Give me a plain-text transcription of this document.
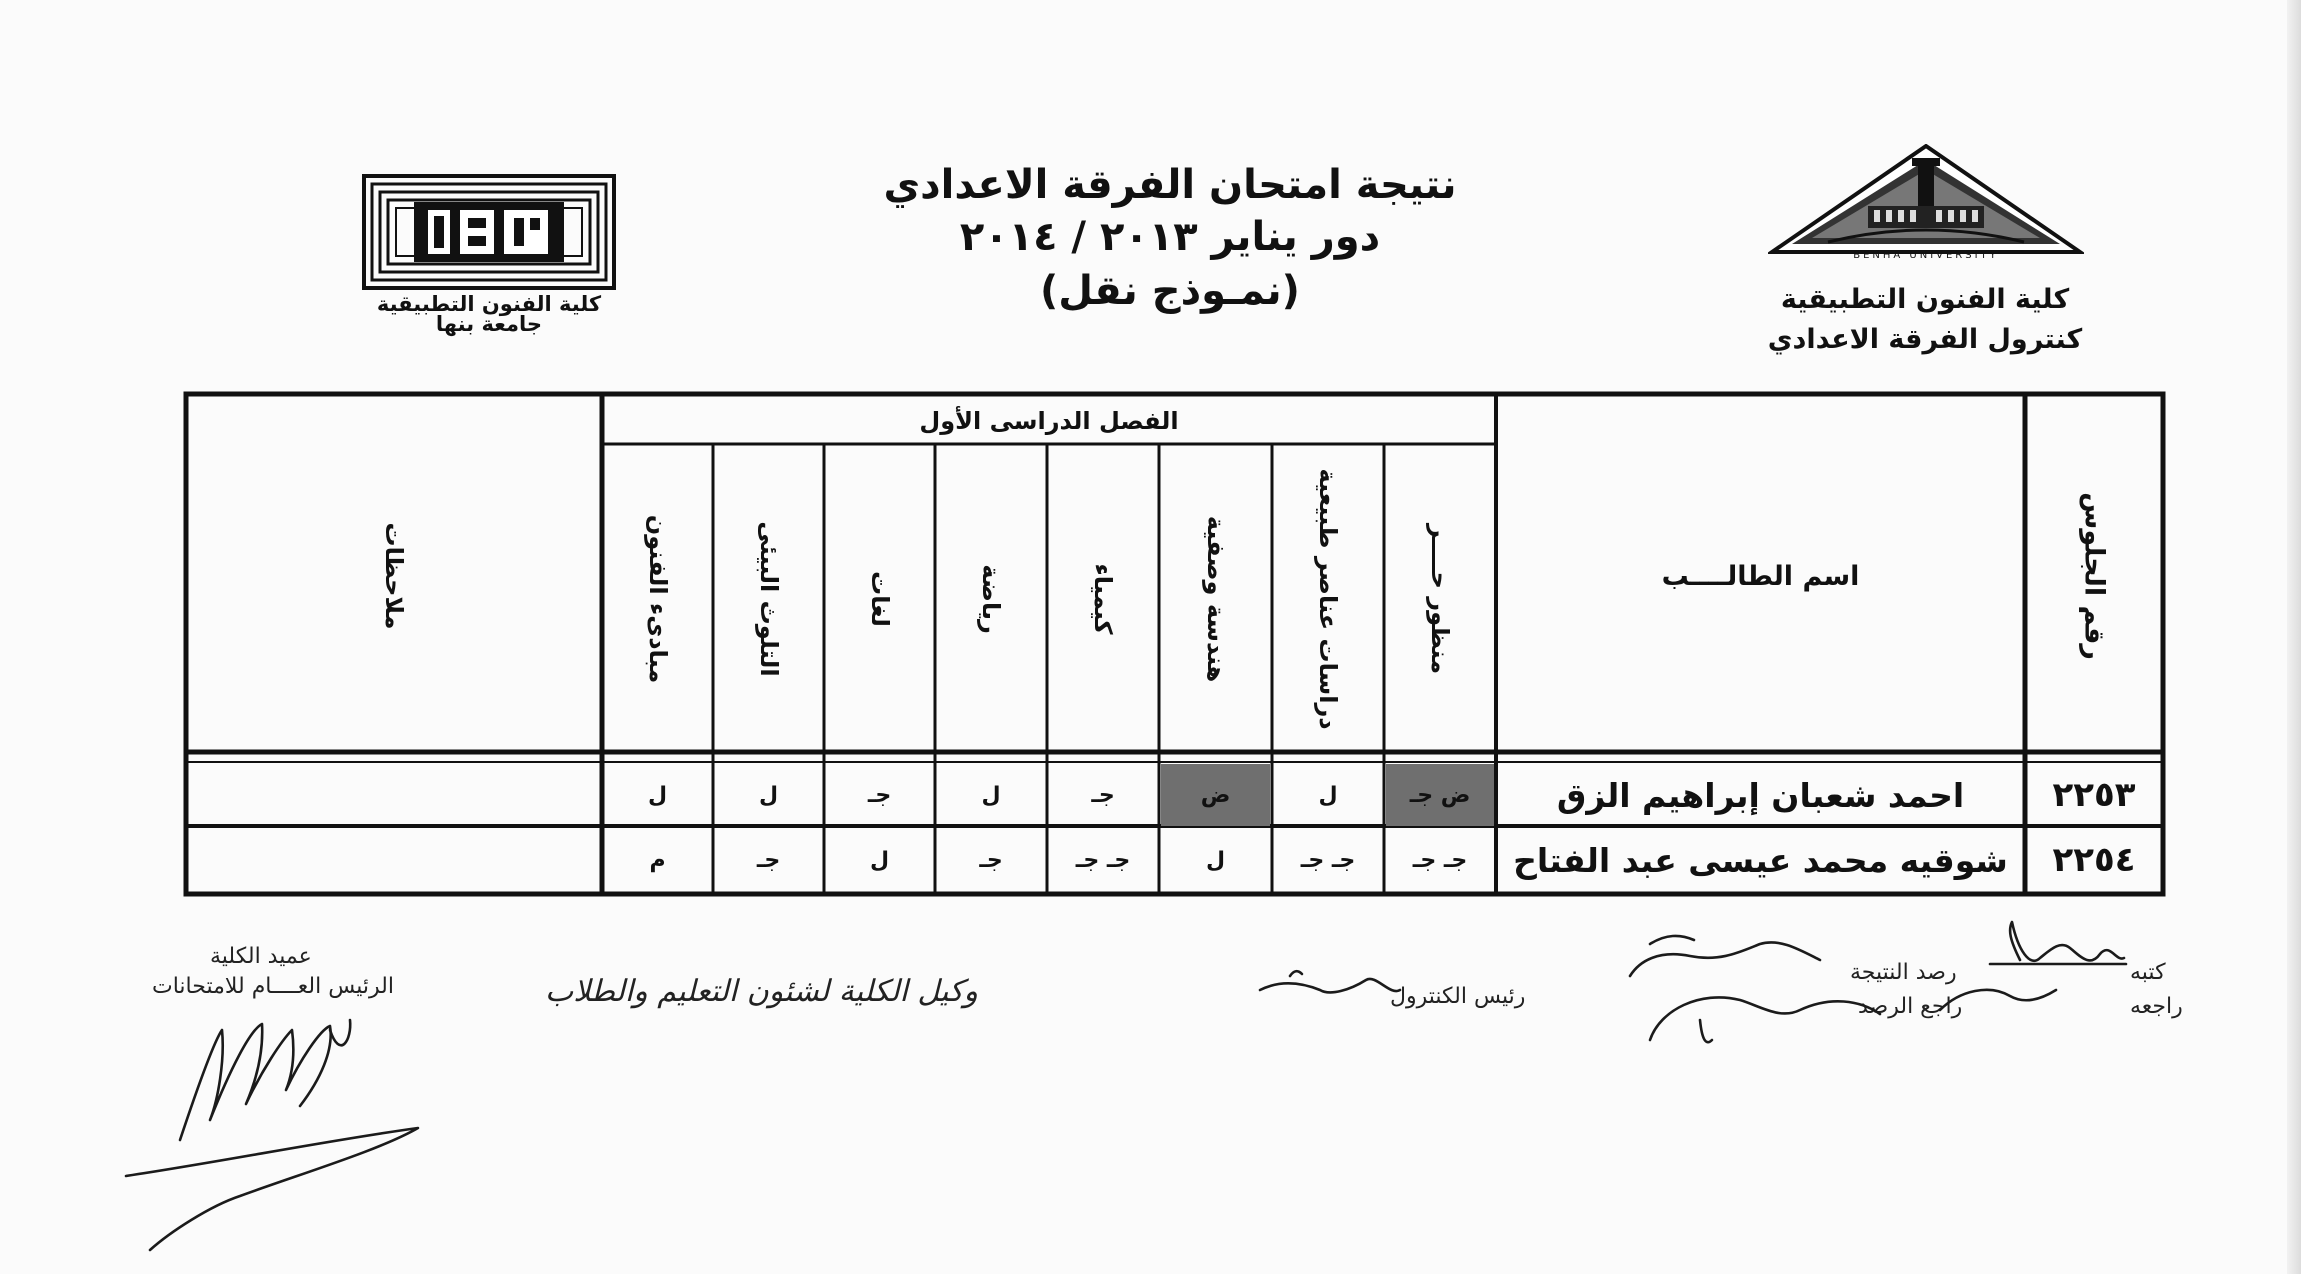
نتيجة امتحان الفرقة الاعدادي
دور يناير ٢٠١٣ / ٢٠١٤
(نمـوذج نقل)
كلية الفنون التطبيقية
جامعة بنها
BENHA UNIVERSITY
كلية الفنون التطبيقية
كنترول الفرقة الاعدادي
رقم الجلوس
اسم الطالــــب
الفصل الدراسى الأول
ملاحظات	منظور حــــر
دراسات عناصر طبيعية
هندسة وصفية
كيمياء
رياضة
لغات
التلوث البيئى
مبادىء الفنون
ض جـ
ل
ض
جـ
ل
جـ
ل
ل
جـ جـ
جـ جـ
ل
جـ جـ
جـ
ل
جـ
م
٢٢٥٣
احمد شعبان إبراهيم الزق
٢٢٥٤
شوقيه محمد عيسى عبد الفتاح
كتبه
رصد النتيجة
راجعه
راجع الرصد
رئيس الكنترول
وكيل الكلية لشئون التعليم والطلاب
عميد الكلية
الرئيس العــــام للامتحانات
